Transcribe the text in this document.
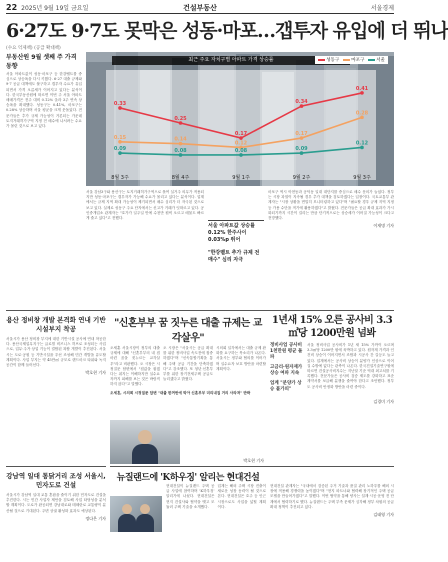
22 2025년 9월 19일 금요일	건설부동산	서울경제
6·27도 9·7도 못막은 성동·마포…갭투자 유입에 더 뛰나
(수요 억제책) (공급 확대책)
부동산원 9월 셋째 주 가격 동향
서울 아파트값이 성동·마포구 등 한강벨트를 중심으로 상승폭을 다시 키웠다. 6·27 대출 규제와 9·7 공급 대책에도 불구하고 갭투자 수요가 유입되면서 가격 오름세가 이어지고 있다는 분석이다. 한국부동산원에 따르면 이번 주 서울 아파트 매매가격은 전주 대비 0.12% 올라 3주 연속 상승폭을 확대했다. 성동구는 0.41%, 마포구는 0.28% 상승하며 서울 평균을 크게 웃돌았다. 전문가들은 추가 규제 가능성이 거론되는 가운데 토지거래허가구역 지정 전 매수에 나서려는 수요가 몰린 것으로 보고 있다.
8월 3주	8월 4주	9월 1주	9월 2주	9월 3주
0.33
0.25
0.17
0.34
0.41
0.15	0.14
0.12
0.17
0.28
0.09	0.08	0.08	0.09
0.12
최근 주요 자치구별 아파트 가격 상승률	성동구	마포구	서울
서울 강남3구와 용산구는 토지거래허가구역으로 묶여 실거주 의무가 적용되지만 성동·마포구는 갭투자가 가능해 수요가 몰리고 있다는 분석이다. 업계에서는 규제 지역 확대 가능성이 제기되면서 매수 심리가 더 자극된 것으로 보고 있다. 실제로 성동구 주요 단지에서는 신고가 거래가 잇따르고 있다. 공인중개업소 관계자는 "호가가 일주일 만에 수천만 원씩 오르고 매물도 빠르게 줄고 있다"고 전했다.

서울 아파트값 상승률 0.12% 한주사이 0.03%p 뛰어

"한강벨트 추가 규제 전 매수" 심리 자극

마포구 역시 아현동과 공덕동 일대 대단지를 중심으로 매수 문의가 늘었다. 정부는 시장 과열이 지속될 경우 추가 대책을 검토하겠다는 입장이다. 국토교통부 관계자는 "시장 상황을 면밀히 모니터링하고 있다"며 "필요할 경우 규제 지역 지정 등 가용 수단을 적기에 활용하겠다"고 밝혔다. 전문가들은 공급 확대 효과가 가시화되기까지 시간이 걸리는 만큼 단기적으로는 상승세가 이어질 가능성이 크다고 전망했다.
이재명 기자
용산 정비창 개발 본격화 연내 기반시설부지 착공
서울시가 용산 정비창 부지에 대한 기반시설 공사에 연내 착공한다. 용산국제업무지구는 글로벌 비즈니스 허브로 조성되는 사업으로, 업무·주거·상업 기능이 결합된 복합 개발이 추진된다. 서울시는 도로·공원 등 기반시설을 우선 조성해 민간 개발을 유도할 계획이다. 사업 부지는 약 45만㎡ 규모로 랜드마크 타워와 녹지 공간이 함께 들어선다.
박호현 기자
"신혼부부 꿈 짓누른 대출 규제는 교각살우"
오세훈 서울시장이 정부의 대출 규제에 대해 "신혼부부의 내 집 마련 꿈을 짓누르는 교각살우"라고 비판했다. 오 시장은 시정질문 답변에서 "집값을 잡겠다는 취지는 이해하지만 실수요자까지 피해를 보는 것은 바람직하지 않다"고 말했다.
오 시장은 "서울시는 공급 확대를 위한 정비사업 속도전에 집중하겠다"며 "신속통합기획을 통해 주택 공급 기간을 단축하겠다"고 강조했다. 또 청년·신혼부부를 위한 장기전세주택 공급도 늘리겠다고 밝혔다.
시의회 일각에서는 대출 규제 완화를 요구하는 목소리가 나온다. 서울시는 정부와 협의를 이어가며 실수요자 보호 방안을 마련할 계획이다.
오세훈, 시의회 시정질문 답변 "대출 한꺼번에 막아 신혼부부 미리내집 거의 사라져" 반박
박호현 기자
1년새 15% 오른 공사비 3.3㎡당 1200만원 넘봐

정비사업 공사비 1천만원 평균 돌파

고금리·원자재가 상승 여파 지속

업계 "분양가 상승 불가피"

서울 정비사업 공사비가 1년 새 15% 가까이 오르며 3.3㎡당 1200만 원에 육박하고 있다. 원자재 가격과 인건비 상승이 이어지면서 조합과 시공사 간 갈등도 늘고 있다. 업계에서는 공사비 상승이 분양가 인상으로 이어질 수밖에 없다는 관측이 나온다. 한국건설기술연구원에 따르면 건설공사비지수는 지난달 기준 역대 최고치를 기록했다. 전문가들은 공사비 검증 제도를 강화하고 표준 계약서를 보급해 분쟁을 줄여야 한다고 조언했다. 정부도 공사비 안정화 방안을 마련 중이다.
김경미 기자
강남역 일대 통닭거리 조성 서울시, 민자도로 건설
서울시가 강남역 일대 교통 혼잡을 줄이기 위한 민자도로 건설을 추진한다. 시는 민간 사업자 제안을 검토해 사업 타당성을 분석할 계획이다. 도로가 완공되면 강남대로와 테헤란로 교통량이 분산될 것으로 기대된다. 주변 상권 활성화 효과도 예상된다.
정다은 기자
뉴질랜드에 'K하우징' 알리는 현대건설
현대건설이 뉴질랜드 주택 공급 사업에 참여하며 'K하우징' 알리기에 나섰다. 현대건설은 현지 건설사와 협약을 맺고 모듈러 주택 기술을 소개했다.
업계는 해외 주택 시장 진출이 새로운 성장 동력이 될 것으로 본다. 현대건설은 호주 등 인근 시장으로도 사업을 넓힐 계획이다.
현대건설 관계자는 "국내에서 검증된 주거 기술과 품질 관리 노하우를 해외 시장에 적용해 경쟁력을 높이겠다"며 "현지 파트너와 협력해 장기적인 주택 공급 모델을 만들어가겠다"고 말했다. 이번 협약을 통해 양사는 설계·시공·운영 전 단계에서 협력하기로 했다. 뉴질랜드는 주택 부족 문제가 심각해 정부 차원의 공급 확대 정책이 추진되고 있다.
김태영 기자
